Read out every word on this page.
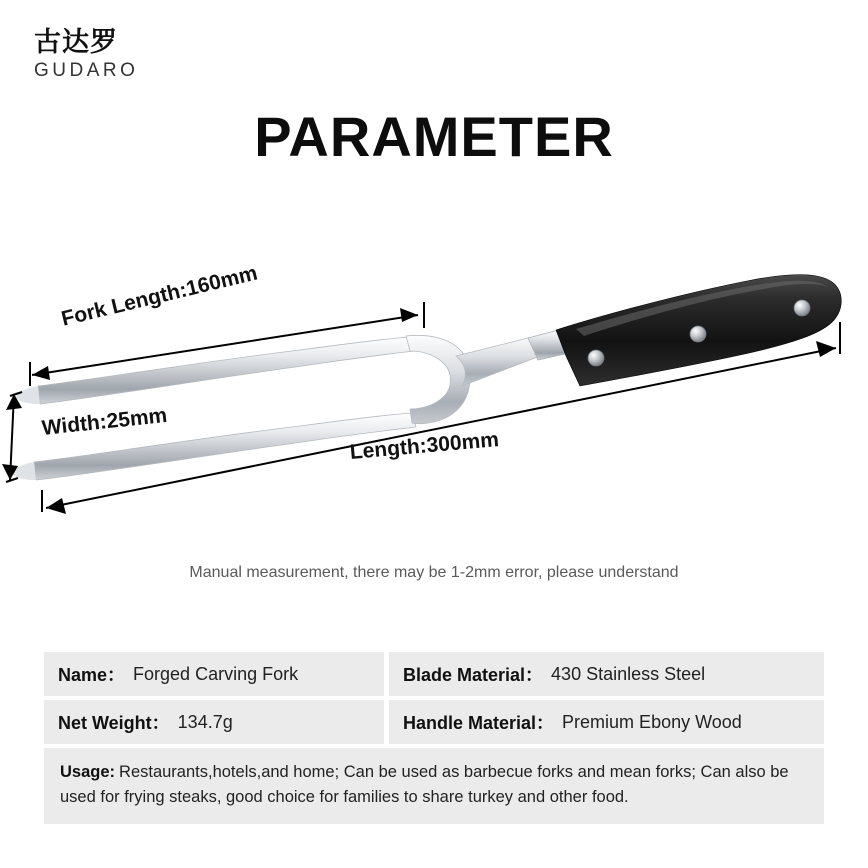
古达罗
GUDARO
PARAMETER
Fork Length:160mm
Width:25mm
Length:300mm
Manual measurement, there may be 1-2mm error, please understand
Name： Forged Carving Fork	Blade Material： 430 Stainless Steel
Net Weight： 134.7g	Handle Material： Premium Ebony Wood
Usage: Restaurants,hotels,and home; Can be used as barbecue forks and mean forks; Can also be used for frying steaks, good choice for families to share turkey and other food.
